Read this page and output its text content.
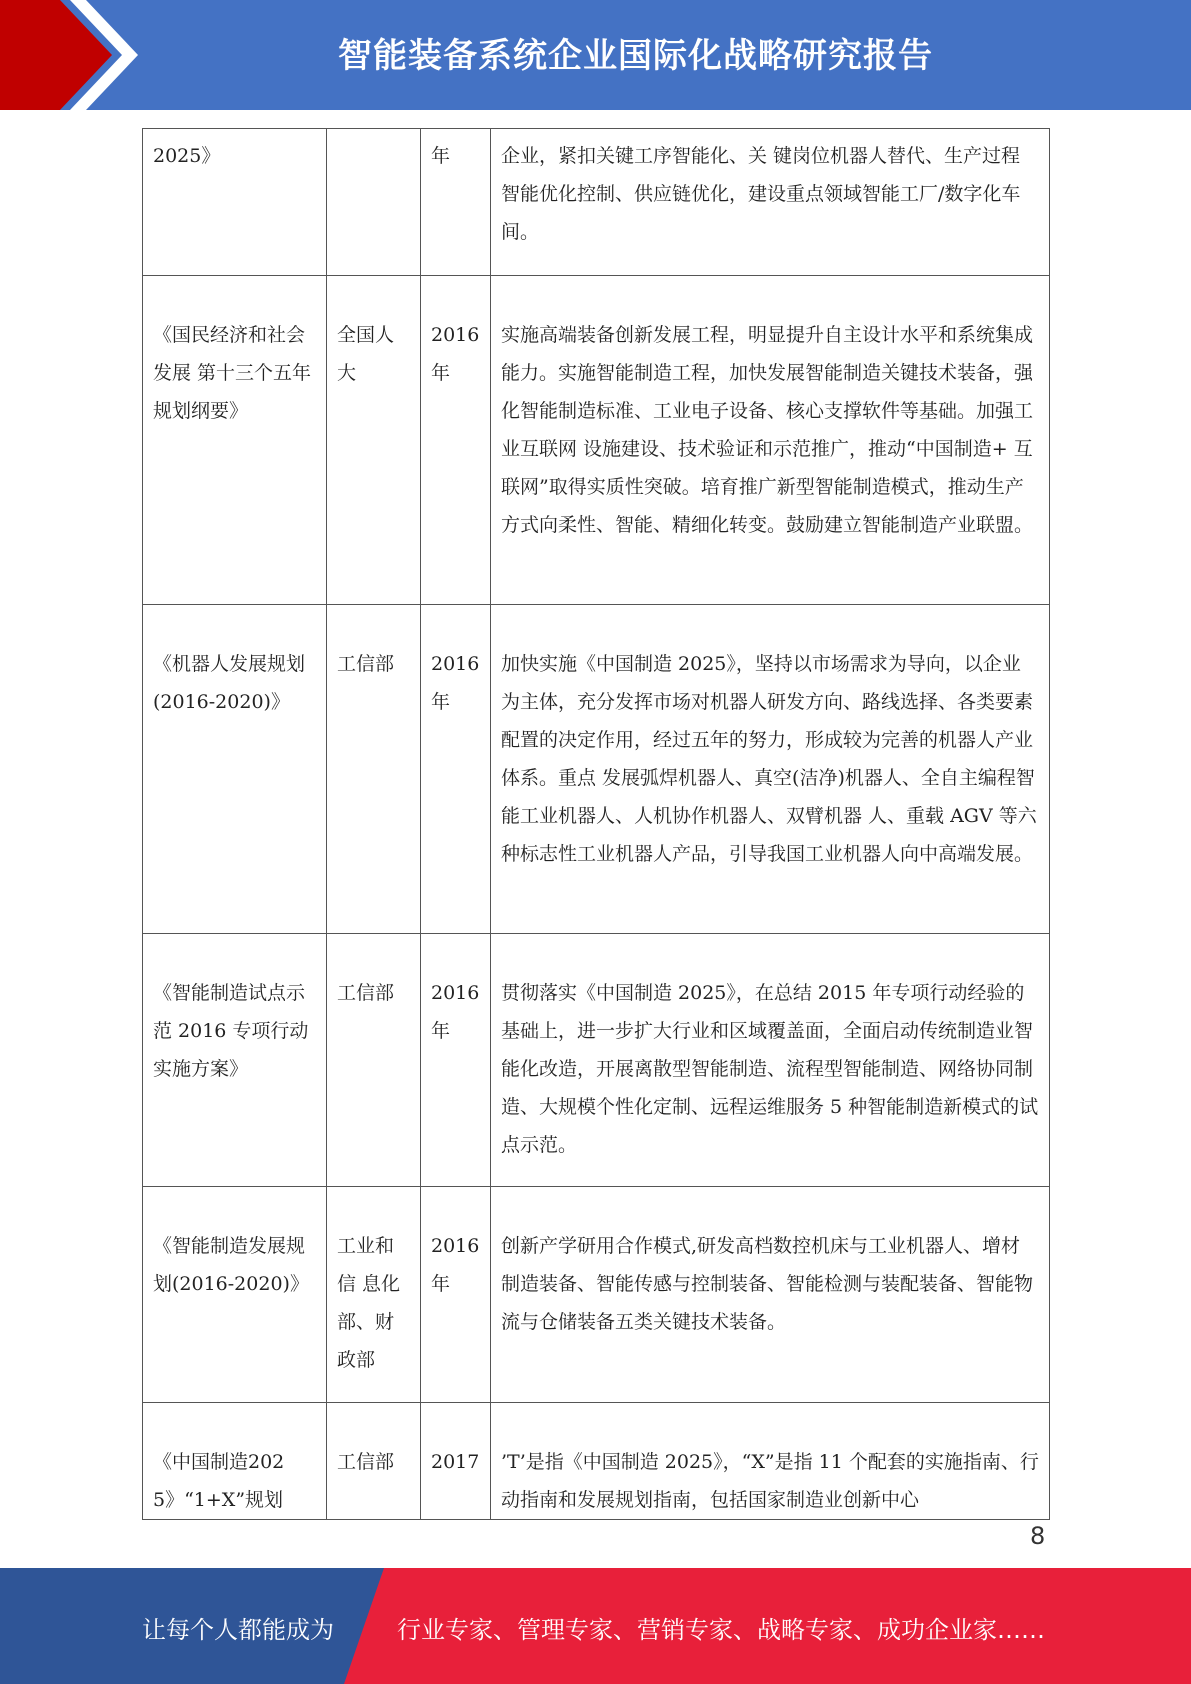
智能装备系统企业国际化战略研究报告
2025》		年	企业，紧扣关键工序智能化、关 键岗位机器人替代、生产过程智能优化控制、供应链优化，建设重点领域智能工厂/数字化车间。
《国民经济和社会发展 第十三个五年规划纲要》	全国人大	2016年	实施高端装备创新发展工程，明显提升自主设计水平和系统集成能力。实施智能制造工程，加快发展智能制造关键技术装备，强化智能制造标准、工业电子设备、核心支撑软件等基础。加强工业互联网 设施建设、技术验证和示范推广，推动“中国制造+ 互联网”取得实质性突破。培育推广新型智能制造模式，推动生产方式向柔性、智能、精细化转变。鼓励建立智能制造产业联盟。
《机器人发展规划(2016-2020)》	工信部	2016年	加快实施《中国制造 2025》，坚持以市场需求为导向，以企业为主体，充分发挥市场对机器人研发方向、路线选择、各类要素配置的决定作用，经过五年的努力，形成较为完善的机器人产业体系。重点 发展弧焊机器人、真空(洁净)机器人、全自主编程智能工业机器人、人机协作机器人、双臂机器 人、重载 AGV 等六种标志性工业机器人产品，引导我国工业机器人向中高端发展。
《智能制造试点示范 2016 专项行动实施方案》	工信部	2016年	贯彻落实《中国制造 2025》，在总结 2015 年专项行动经验的基础上，进一步扩大行业和区域覆盖面，全面启动传统制造业智能化改造，开展离散型智能制造、流程型智能制造、网络协同制造、大规模个性化定制、远程运维服务 5 种智能制造新模式的试点示范。
《智能制造发展规划(2016-2020)》	工业和信 息化部、财政部	2016年	创新产学研用合作模式,研发高档数控机床与工业机器人、增材制造装备、智能传感与控制装备、智能检测与装配装备、智能物流与仓储装备五类关键技术装备。
《中国制造2025》“1+X”规划	工信部	2017	’T’是指《中国制造 2025》，“X”是指 11 个配套的实施指南、行动指南和发展规划指南，包括国家制造业创新中心
8
让每个人都能成为	行业专家、管理专家、营销专家、战略专家、成功企业家……
